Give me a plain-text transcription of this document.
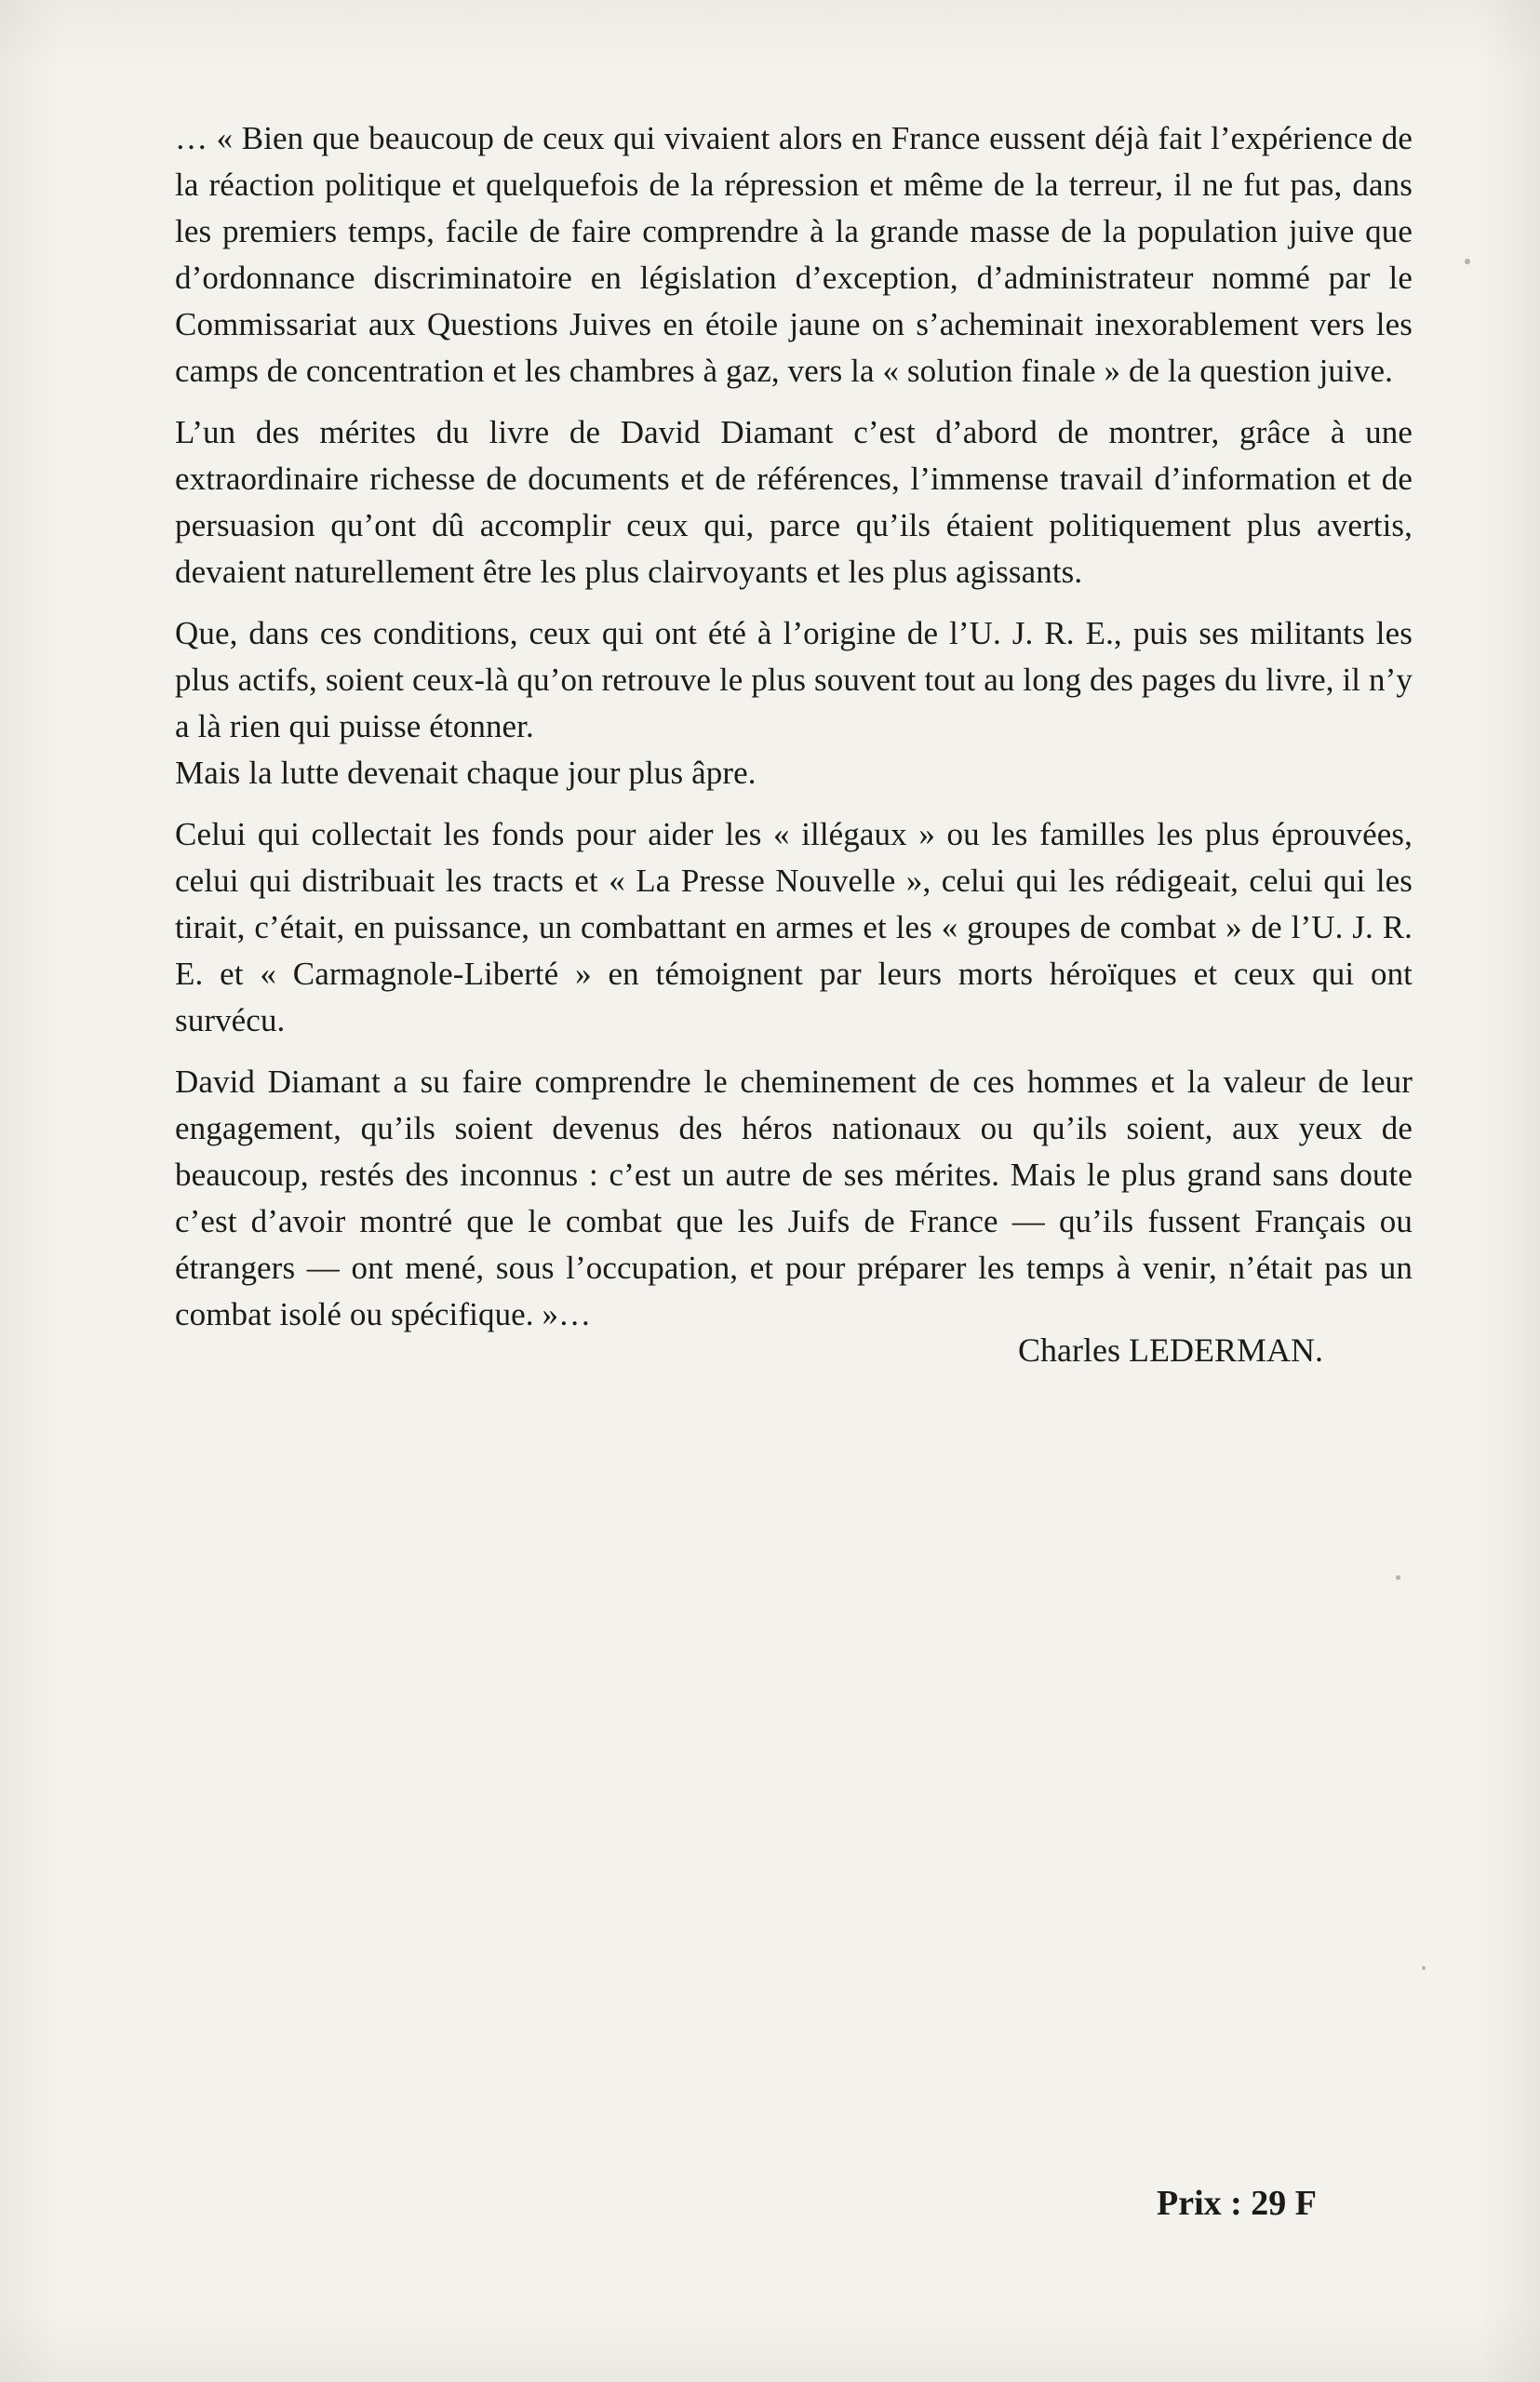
… « Bien que beaucoup de ceux qui vivaient alors en France eussent déjà fait l’expérience de la réaction politique et quelquefois de la répression et même de la terreur, il ne fut pas, dans les premiers temps, facile de faire comprendre à la grande masse de la population juive que d’ordonnance discriminatoire en législation d’exception, d’administrateur nommé par le Commissariat aux Questions Juives en étoile jaune on s’acheminait inexorablement vers les camps de concentration et les chambres à gaz, vers la « solution finale » de la question juive.

L’un des mérites du livre de David Diamant c’est d’abord de montrer, grâce à une extraordinaire richesse de documents et de références, l’immense travail d’information et de persuasion qu’ont dû accomplir ceux qui, parce qu’ils étaient politiquement plus avertis, devaient naturellement être les plus clairvoyants et les plus agissants.

Que, dans ces conditions, ceux qui ont été à l’origine de l’U. J. R. E., puis ses militants les plus actifs, soient ceux-là qu’on retrouve le plus souvent tout au long des pages du livre, il n’y a là rien qui puisse étonner.

Mais la lutte devenait chaque jour plus âpre.

Celui qui collectait les fonds pour aider les « illégaux » ou les familles les plus éprouvées, celui qui distribuait les tracts et « La Presse Nouvelle », celui qui les rédigeait, celui qui les tirait, c’était, en puissance, un combattant en armes et les « groupes de combat » de l’U. J. R. E. et « Carmagnole-Liberté » en témoignent par leurs morts héroïques et ceux qui ont survécu.

David Diamant a su faire comprendre le cheminement de ces hommes et la valeur de leur engagement, qu’ils soient devenus des héros nationaux ou qu’ils soient, aux yeux de beaucoup, restés des inconnus : c’est un autre de ses mérites. Mais le plus grand sans doute c’est d’avoir montré que le combat que les Juifs de France — qu’ils fussent Français ou étrangers — ont mené, sous l’occupation, et pour préparer les temps à venir, n’était pas un combat isolé ou spécifique. »…

Charles LEDERMAN.
Prix : 29 F
